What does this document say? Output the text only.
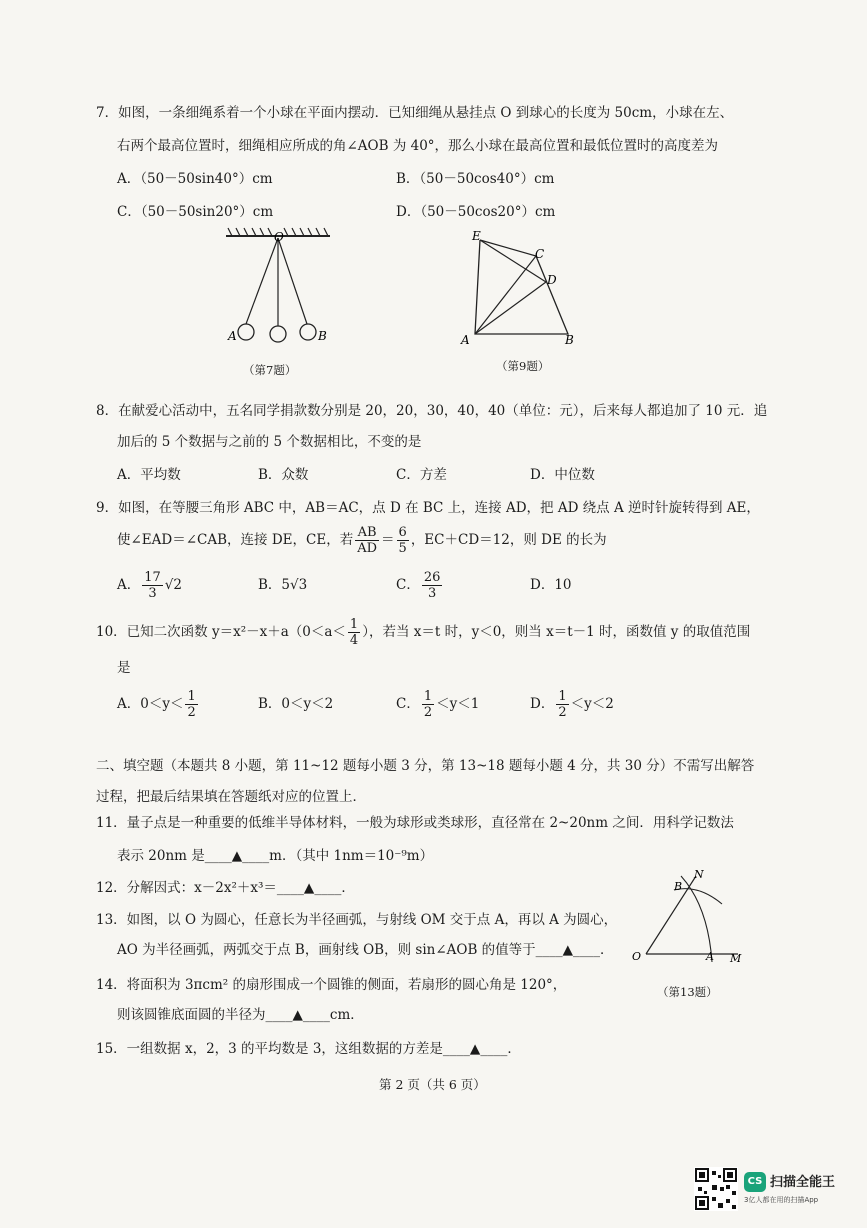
7．如图，一条细绳系着一个小球在平面内摆动．已知细绳从悬挂点 O 到球心的长度为 50cm，小球在左、
右两个最高位置时，细绳相应所成的角∠AOB 为 40°，那么小球在最高位置和最低位置时的高度差为
A．（50－50sin40°）cm	B．（50－50cos40°）cm
C．（50－50sin20°）cm	D．（50－50cos20°）cm
O
A	B
（第7题）
E
C
D
A	B
（第9题）
8．在献爱心活动中，五名同学捐款数分别是 20，20，30，40，40（单位：元），后来每人都追加了 10 元．追
加后的 5 个数据与之前的 5 个数据相比，不变的是
A．平均数	B．众数	C．方差	D．中位数
9．如图，在等腰三角形 ABC 中，AB＝AC，点 D 在 BC 上，连接 AD，把 AD 绕点 A 逆时针旋转得到 AE，
使∠EAD＝∠CAB，连接 DE，CE，若 $\frac{AB}{AD} = \frac{6}{5}$ ，EC＋CD＝12，则 DE 的长为
A． $\frac{17}{3} √2$	B．5√3	C． $\frac{26}{3}$	D．10
10．已知二次函数 $y=x^2-x+a(0<a< \frac{1}{4}$ ），若当 x＝t 时，y＜0，则当 x＝t－1 时，函数值 y 的取值范围
是
A．$0<y< \frac{1}{2}$	B．0＜y＜2	C． $\frac{1}{2} <y<1$	D． $\frac{1}{2} <y<2$
二、填空题（本题共 8 小题，第 11~12 题每小题 3 分，第 13~18 题每小题 4 分，共 30 分）不需写出解答
过程，把最后结果填在答题纸对应的位置上．
11．量子点是一种重要的低维半导体材料，一般为球形或类球形，直径常在 2~20nm 之间．用科学记数法
表示 20nm 是____▲____m．（其中 1nm＝10⁻⁹m）
12．分解因式：x－2x²＋x³＝____▲____．
13．如图，以 O 为圆心，任意长为半径画弧，与射线 OM 交于点 A，再以 A 为圆心，
AO 为半径画弧，两弧交于点 B，画射线 OB，则 sin∠AOB 的值等于____▲____．
B
N
O	A M
（第13题）
14．将面积为 3πcm² 的扇形围成一个圆锥的侧面，若扇形的圆心角是 120°，
则该圆锥底面圆的半径为____▲____cm．
15．一组数据 x，2，3 的平均数是 3，这组数据的方差是____▲____．
第 2 页（共 6 页）
CS 扫描全能王
3亿人都在用的扫描App
